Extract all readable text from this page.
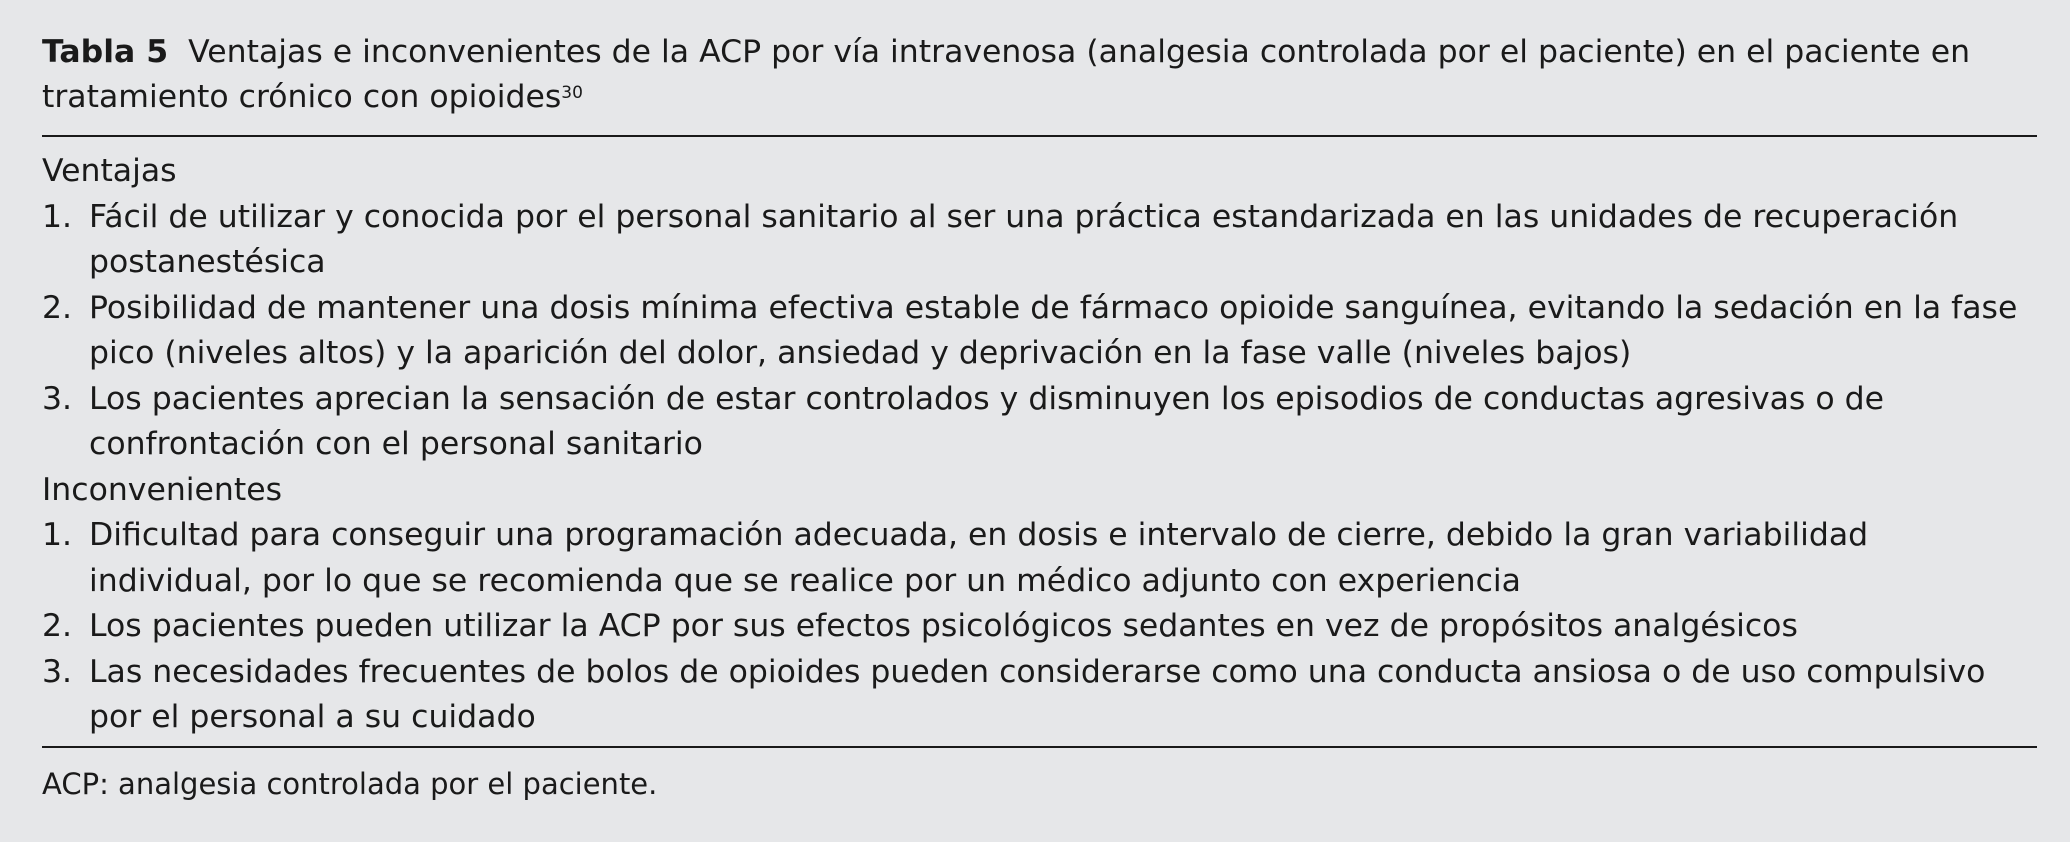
Tabla 5 Ventajas e inconvenientes de la ACP por vía intravenosa (analgesia controlada por el paciente) en el paciente en tratamiento crónico con opioides$^{30}$

Ventajas

1. Fácil de utilizar y conocida por el personal sanitario al ser una práctica estandarizada en las unidades de recuperación postanestésica
2. Posibilidad de mantener una dosis mínima efectiva estable de fármaco opioide sanguínea, evitando la sedación en la fase pico (niveles altos) y la aparición del dolor, ansiedad y deprivación en la fase valle (niveles bajos)
3. Los pacientes aprecian la sensación de estar controlados y disminuyen los episodios de conductas agresivas o de confrontación con el personal sanitario

Inconvenientes

1. Dificultad para conseguir una programación adecuada, en dosis e intervalo de cierre, debido la gran variabilidad individual, por lo que se recomienda que se realice por un médico adjunto con experiencia
2. Los pacientes pueden utilizar la ACP por sus efectos psicológicos sedantes en vez de propósitos analgésicos
3. Las necesidades frecuentes de bolos de opioides pueden considerarse como una conducta ansiosa o de uso compulsivo por el personal a su cuidado
ACP: analgesia controlada por el paciente.
